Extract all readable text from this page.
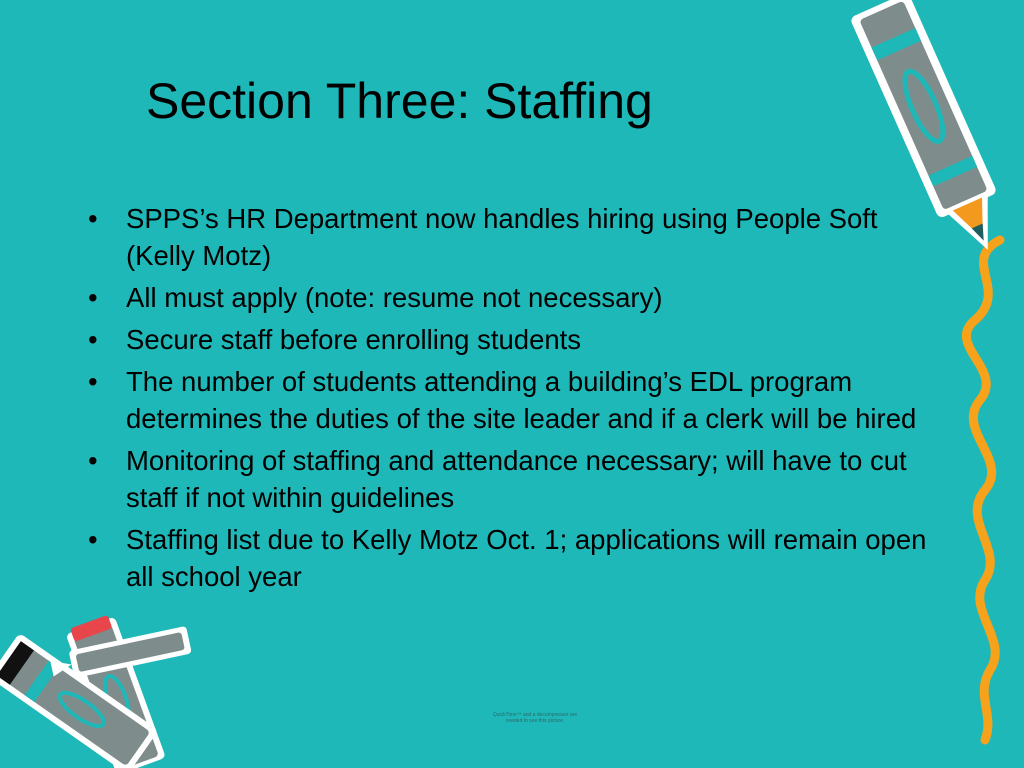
Section Three: Staffing
• SPPS’s HR Department now handles hiring using People Soft (Kelly Motz)
• All must apply (note: resume not necessary)
• Secure staff before enrolling students
• The number of students attending a building’s EDL program determines the duties of the site leader and if a clerk will be hired
• Monitoring of staffing and attendance necessary; will have to cut staff if not within guidelines
• Staffing list due to Kelly Motz Oct. 1; applications will remain open all school year
QuickTime™ and a decompressor are needed to see this picture.
